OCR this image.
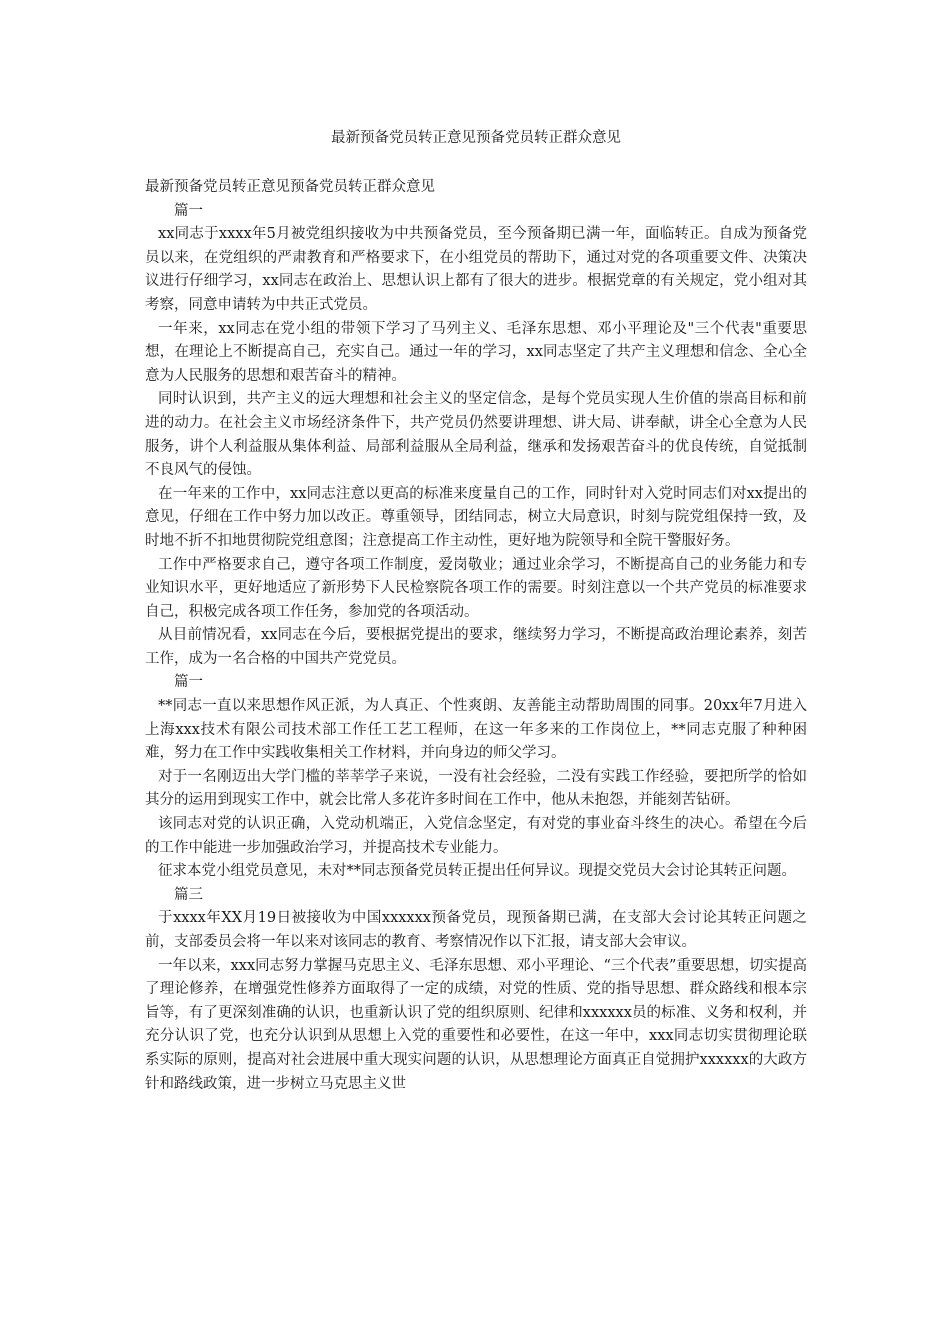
最新预备党员转正意见预备党员转正群众意见

最新预备党员转正意见预备党员转正群众意见

篇一

xx同志于xxxx年5月被党组织接收为中共预备党员，至今预备期已满一年，面临转正。自成为预备党员以来，在党组织的严肃教育和严格要求下，在小组党员的帮助下，通过对党的各项重要文件、决策决议进行仔细学习，xx同志在政治上、思想认识上都有了很大的进步。根据党章的有关规定，党小组对其考察，同意申请转为中共正式党员。

一年来，xx同志在党小组的带领下学习了马列主义、毛泽东思想、邓小平理论及"三个代表"重要思想，在理论上不断提高自己，充实自己。通过一年的学习，xx同志坚定了共产主义理想和信念、全心全意为人民服务的思想和艰苦奋斗的精神。

同时认识到，共产主义的远大理想和社会主义的坚定信念，是每个党员实现人生价值的崇高目标和前进的动力。在社会主义市场经济条件下，共产党员仍然要讲理想、讲大局、讲奉献，讲全心全意为人民服务，讲个人利益服从集体利益、局部利益服从全局利益，继承和发扬艰苦奋斗的优良传统，自觉抵制不良风气的侵蚀。

在一年来的工作中，xx同志注意以更高的标准来度量自己的工作，同时针对入党时同志们对xx提出的意见，仔细在工作中努力加以改正。尊重领导，团结同志，树立大局意识，时刻与院党组保持一致，及时地不折不扣地贯彻院党组意图；注意提高工作主动性，更好地为院领导和全院干警服好务。

工作中严格要求自己，遵守各项工作制度，爱岗敬业；通过业余学习，不断提高自己的业务能力和专业知识水平，更好地适应了新形势下人民检察院各项工作的需要。时刻注意以一个共产党员的标准要求自己，积极完成各项工作任务，参加党的各项活动。

从目前情况看，xx同志在今后，要根据党提出的要求，继续努力学习，不断提高政治理论素养，刻苦工作，成为一名合格的中国共产党党员。

篇一

**同志一直以来思想作风正派，为人真正、个性爽朗、友善能主动帮助周围的同事。20xx年7月进入上海xxx技术有限公司技术部工作任工艺工程师，在这一年多来的工作岗位上，**同志克服了种种困难，努力在工作中实践收集相关工作材料，并向身边的师父学习。

对于一名刚迈出大学门槛的莘莘学子来说，一没有社会经验，二没有实践工作经验，要把所学的恰如其分的运用到现实工作中，就会比常人多花许多时间在工作中，他从未抱怨，并能刻苦钻研。

该同志对党的认识正确，入党动机端正，入党信念坚定，有对党的事业奋斗终生的决心。希望在今后的工作中能进一步加强政治学习，并提高技术专业能力。

征求本党小组党员意见，未对**同志预备党员转正提出任何异议。现提交党员大会讨论其转正问题。

篇三

于xxxx年XX月19日被接收为中国xxxxxx预备党员，现预备期已满，在支部大会讨论其转正问题之前，支部委员会将一年以来对该同志的教育、考察情况作以下汇报，请支部大会审议。

一年以来，xxx同志努力掌握马克思主义、毛泽东思想、邓小平理论、“三个代表”重要思想，切实提高了理论修养，在增强党性修养方面取得了一定的成绩，对党的性质、党的指导思想、群众路线和根本宗旨等，有了更深刻准确的认识，也重新认识了党的组织原则、纪律和xxxxxx员的标准、义务和权利，并充分认识了党，也充分认识到从思想上入党的重要性和必要性，在这一年中，xxx同志切实贯彻理论联系实际的原则，提高对社会进展中重大现实问题的认识，从思想理论方面真正自觉拥护xxxxxx的大政方针和路线政策，进一步树立马克思主义世
